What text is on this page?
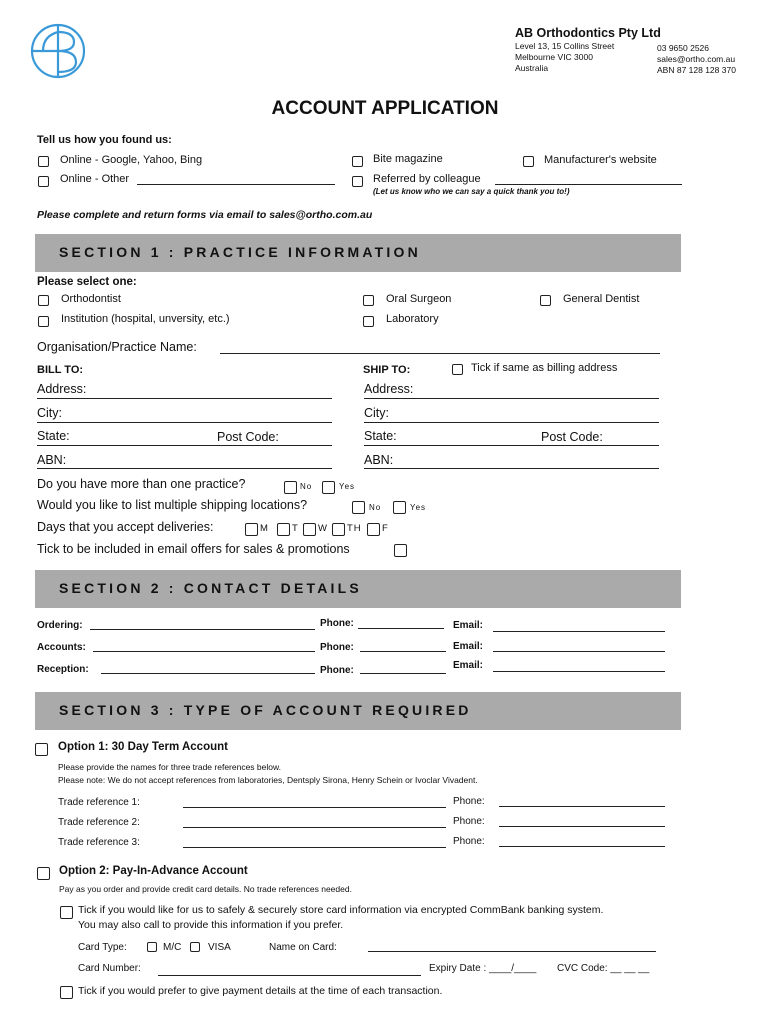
AB Orthodontics Pty Ltd
Level 13, 15 Collins Street
Melbourne VIC 3000
Australia
03 9650 2526
sales@ortho.com.au
ABN 87 128 128 370
ACCOUNT APPLICATION
Tell us how you found us:
Online - Google, Yahoo, Bing
Online - Other
Bite magazine
Referred by colleague
(Let us know who we can say a quick thank you to!)
Manufacturer's website
Please complete and return forms via email to sales@ortho.com.au
SECTION 1 : PRACTICE INFORMATION
Please select one:
Orthodontist
Institution (hospital, unversity, etc.)
Oral Surgeon
Laboratory
General Dentist
Organisation/Practice Name:
BILL TO:	SHIP TO:	Tick if same as billing address
Address:	Address:
City:	City:
State:	Post Code:	State:	Post Code:
ABN:	ABN:
Do you have more than one practice?	No	Yes
Would you like to list multiple shipping locations?	No	Yes
Days that you accept deliveries:	M	T W TH F
Tick to be included in email offers for sales & promotions
SECTION 2 : CONTACT DETAILS
Ordering:	Phone:	Email:
Accounts:	Phone:	Email:
Reception:	Phone:	Email:
SECTION 3 : TYPE OF ACCOUNT REQUIRED
Option 1: 30 Day Term Account
Please provide the names for three trade references below.
Please note: We do not accept references from laboratories, Dentsply Sirona, Henry Schein or Ivoclar Vivadent.
Trade reference 1:	Phone:
Trade reference 2:	Phone:
Trade reference 3:	Phone:
Option 2: Pay-In-Advance Account
Pay as you order and provide credit card details. No trade references needed.
Tick if you would like for us to safely & securely store card information via encrypted CommBank banking system.
You may also call to provide this information if you prefer.
Card Type:	M/C	VISA	Name on Card:
Card Number:	Expiry Date : ____/____ CVC Code: __ __ __
Tick if you would prefer to give payment details at the time of each transaction.
